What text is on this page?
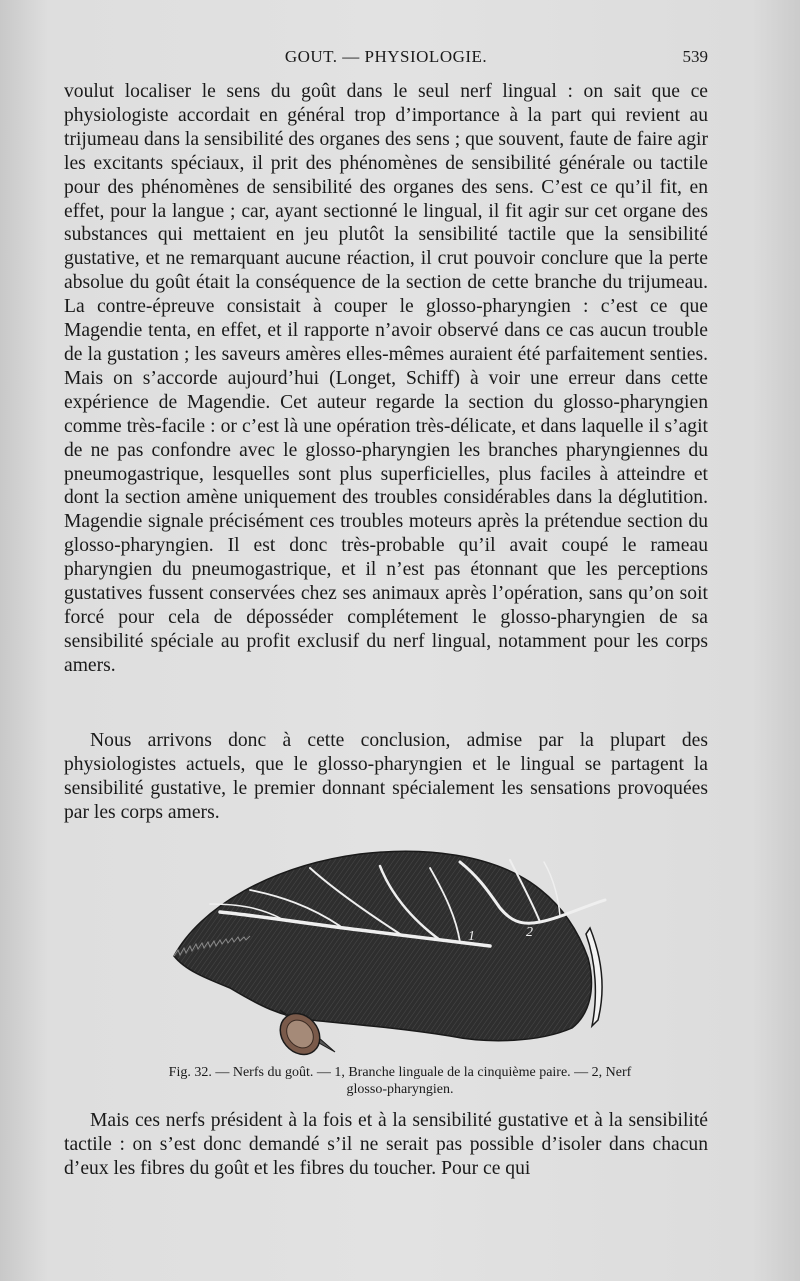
GOUT. — PHYSIOLOGIE.	539

voulut localiser le sens du goût dans le seul nerf lingual : on sait que ce physiologiste accordait en général trop d’importance à la part qui revient au trijumeau dans la sensibilité des organes des sens ; que souvent, faute de faire agir les excitants spéciaux, il prit des phénomènes de sensibilité générale ou tactile pour des phénomènes de sensibilité des organes des sens. C’est ce qu’il fit, en effet, pour la langue ; car, ayant sectionné le lingual, il fit agir sur cet organe des substances qui mettaient en jeu plutôt la sensibilité tactile que la sensibilité gustative, et ne remarquant aucune réaction, il crut pouvoir conclure que la perte absolue du goût était la conséquence de la section de cette branche du trijumeau. La contre-épreuve consistait à couper le glosso-pharyngien : c’est ce que Magendie tenta, en effet, et il rapporte n’avoir observé dans ce cas aucun trouble de la gustation ; les saveurs amères elles-mêmes auraient été parfaitement senties. Mais on s’accorde aujourd’hui (Longet, Schiff) à voir une erreur dans cette expérience de Magendie. Cet auteur regarde la section du glosso-pharyngien comme très-facile : or c’est là une opération très-délicate, et dans laquelle il s’agit de ne pas confondre avec le glosso-pharyngien les branches pharyngiennes du pneumogastrique, lesquelles sont plus superficielles, plus faciles à atteindre et dont la section amène uniquement des troubles considérables dans la déglutition. Magendie signale précisément ces troubles moteurs après la prétendue section du glosso-pharyngien. Il est donc très-probable qu’il avait coupé le rameau pharyngien du pneumogastrique, et il n’est pas étonnant que les perceptions gustatives fussent conservées chez ses animaux après l’opération, sans qu’on soit forcé pour cela de déposséder complétement le glosso-pharyngien de sa sensibilité spéciale au profit exclusif du nerf lingual, notamment pour les corps amers.

Nous arrivons donc à cette conclusion, admise par la plupart des physiologistes actuels, que le glosso-pharyngien et le lingual se partagent la sensibilité gustative, le premier donnant spécialement les sensations provoquées par les corps amers.

1	2
Fig. 32. — Nerfs du goût. — 1, Branche linguale de la cinquième paire. — 2, Nerf
glosso-pharyngien.

Mais ces nerfs président à la fois et à la sensibilité gustative et à la sensibilité tactile : on s’est donc demandé s’il ne serait pas possible d’isoler dans chacun d’eux les fibres du goût et les fibres du toucher. Pour ce qui
